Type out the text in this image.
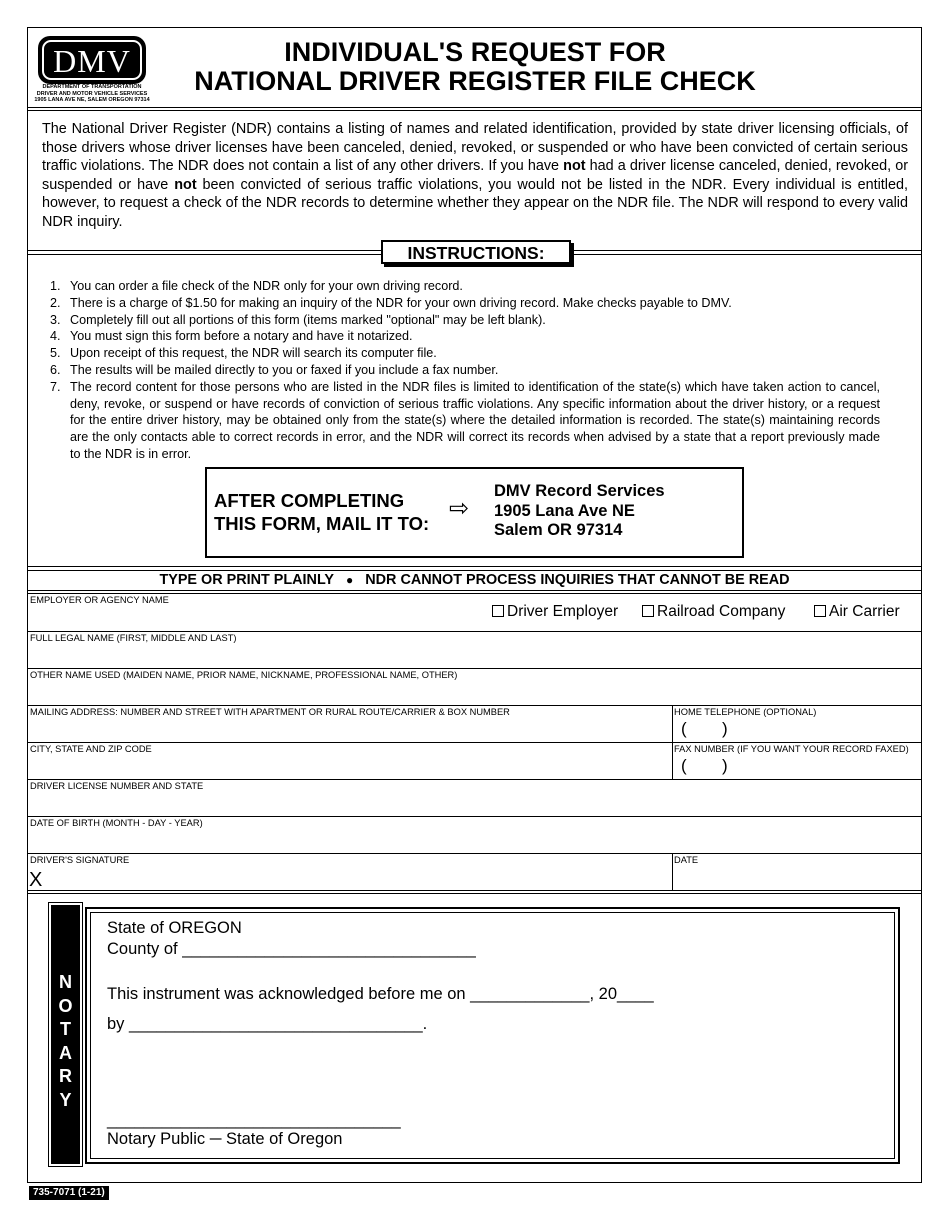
DMV
DEPARTMENT OF TRANSPORTATION
DRIVER AND MOTOR VEHICLE SERVICES
1905 LANA AVE NE, SALEM OREGON 97314
INDIVIDUAL'S REQUEST FOR
NATIONAL DRIVER REGISTER FILE CHECK
The National Driver Register (NDR) contains a listing of names and related identification, provided by state driver licensing officials, of those drivers whose driver licenses have been canceled, denied, revoked, or suspended or who have been convicted of certain serious traffic violations. The NDR does not contain a list of any other drivers. If you have not had a driver license canceled, denied, revoked, or suspended or have not been convicted of serious traffic violations, you would not be listed in the NDR. Every individual is entitled, however, to request a check of the NDR records to determine whether they appear on the NDR file. The NDR will respond to every valid NDR inquiry.
INSTRUCTIONS:
1. You can order a file check of the NDR only for your own driving record.
2. There is a charge of $1.50 for making an inquiry of the NDR for your own driving record. Make checks payable to DMV.
3. Completely fill out all portions of this form (items marked "optional" may be left blank).
4. You must sign this form before a notary and have it notarized.
5. Upon receipt of this request, the NDR will search its computer file.
6. The results will be mailed directly to you or faxed if you include a fax number.
7. The record content for those persons who are listed in the NDR files is limited to identification of the state(s) which have taken action to cancel, deny, revoke, or suspend or have records of conviction of serious traffic violations. Any specific information about the driver history, or a request for the entire driver history, may be obtained only from the state(s) where the detailed information is recorded. The state(s) maintaining records are the only contacts able to correct records in error, and the NDR will correct its records when advised by a state that a report previously made to the NDR is in error.
AFTER COMPLETING
THIS FORM, MAIL IT TO:
⇨
DMV Record Services
1905 Lana Ave NE
Salem OR 97314
TYPE OR PRINT PLAINLY ● NDR CANNOT PROCESS INQUIRIES THAT CANNOT BE READ
EMPLOYER OR AGENCY NAME
Driver Employer	Railroad Company	Air Carrier
FULL LEGAL NAME (FIRST, MIDDLE AND LAST)
OTHER NAME USED (MAIDEN NAME, PRIOR NAME, NICKNAME, PROFESSIONAL NAME, OTHER)
MAILING ADDRESS: NUMBER AND STREET WITH APARTMENT OR RURAL ROUTE/CARRIER & BOX NUMBER	HOME TELEPHONE (OPTIONAL)
( )
CITY, STATE AND ZIP CODE	FAX NUMBER (IF YOU WANT YOUR RECORD FAXED)
( )
DRIVER LICENSE NUMBER AND STATE
DATE OF BIRTH (MONTH - DAY - YEAR)
DRIVER'S SIGNATURE
X
DATE
N
O
T
A
R
Y
State of OREGON
County of ________________________________
This instrument was acknowledged before me on _____________, 20____
by ________________________________.
________________________________
Notary Public ─ State of Oregon
735-7071 (1-21)
